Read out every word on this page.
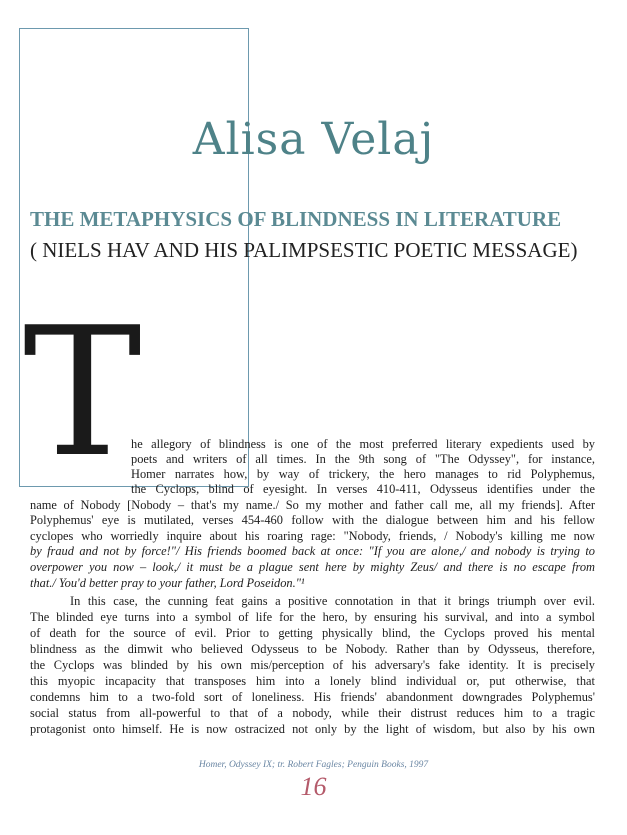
Alisa Velaj
THE METAPHYSICS OF BLINDNESS IN LITERATURE
( NIELS HAV AND HIS PALIMPSESTIC POETIC MESSAGE)
T
he allegory of blindness is one of the most preferred literary expedients used by
poets and writers of all times. In the 9th song of "The Odyssey", for instance,
Homer narrates how, by way of trickery, the hero manages to rid Polyphemus,
the Cyclops, blind of eyesight. In verses 410-411, Odysseus identifies under the
name of Nobody [Nobody – that's my name./ So my mother and father call me, all my friends]. After
Polyphemus' eye is mutilated, verses 454-460 follow with the dialogue between him and his fellow
cyclopes who worriedly inquire about his roaring rage: "Nobody, friends, / Nobody's killing me now
by fraud and not by force!"/ His friends boomed back at once: "If you are alone,/ and nobody is trying to
overpower you now – look,/ it must be a plague sent here by mighty Zeus/ and there is no escape from
that./ You'd better pray to your father, Lord Poseidon."¹
In this case, the cunning feat gains a positive connotation in that it brings triumph over evil.
The blinded eye turns into a symbol of life for the hero, by ensuring his survival, and into a symbol
of death for the source of evil. Prior to getting physically blind, the Cyclops proved his mental
blindness as the dimwit who believed Odysseus to be Nobody. Rather than by Odysseus, therefore,
the Cyclops was blinded by his own mis/perception of his adversary's fake identity. It is precisely
this myopic incapacity that transposes him into a lonely blind individual or, put otherwise, that
condemns him to a two-fold sort of loneliness. His friends' abandonment downgrades Polyphemus'
social status from all-powerful to that of a nobody, while their distrust reduces him to a tragic
protagonist onto himself. He is now ostracized not only by the light of wisdom, but also by his own
Homer, Odyssey IX; tr. Robert Fagles; Penguin Books, 1997
16
